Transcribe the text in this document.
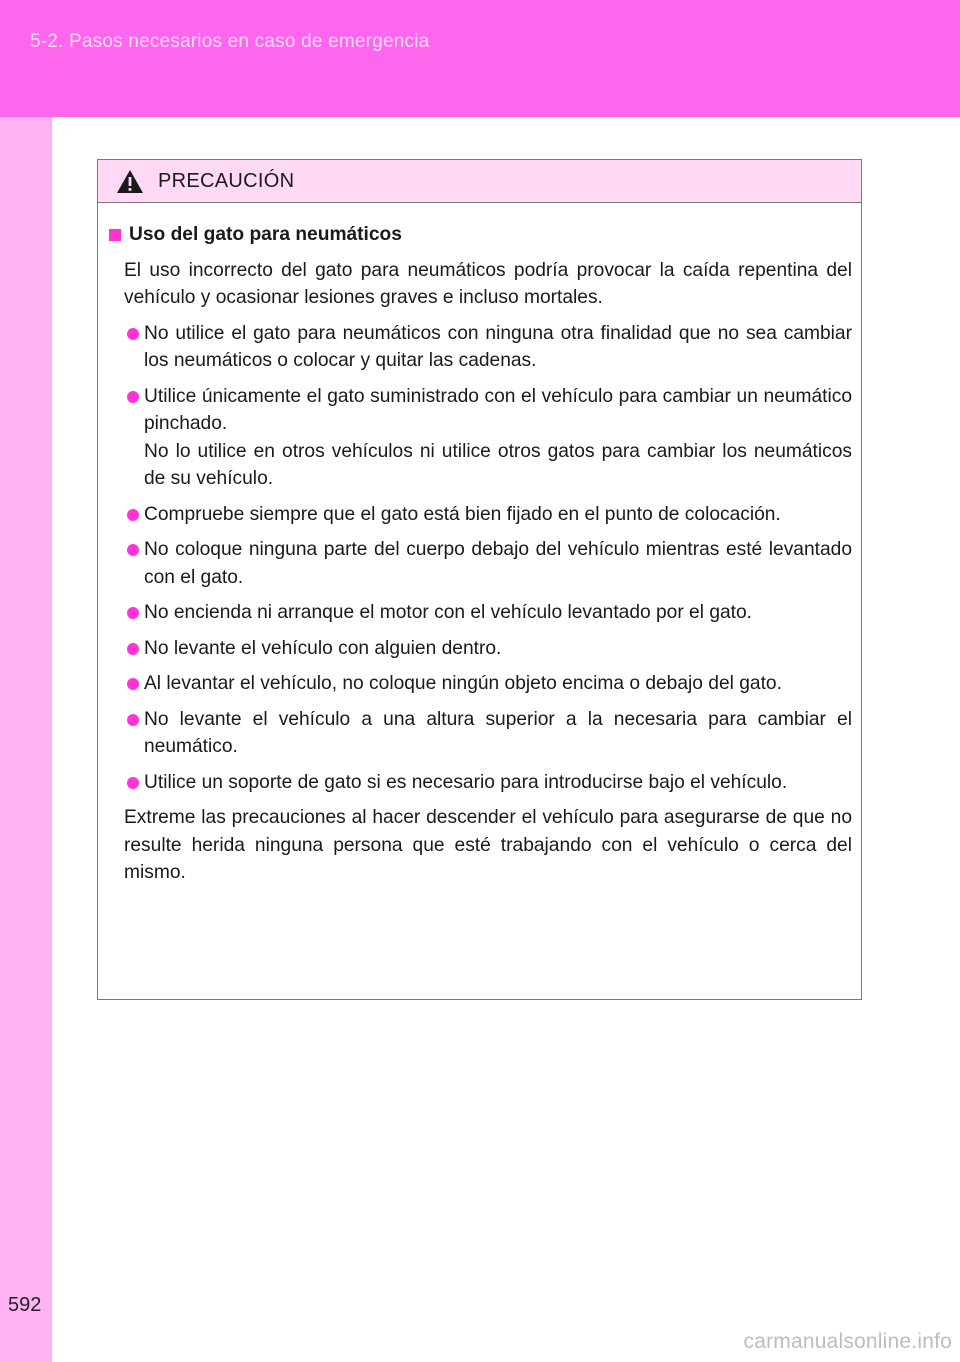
5-2. Pasos necesarios en caso de emergencia
592
PRECAUCIÓN
Uso del gato para neumáticos
El uso incorrecto del gato para neumáticos podría provocar la caída repentina del vehículo y ocasionar lesiones graves e incluso mortales.
No utilice el gato para neumáticos con ninguna otra finalidad que no sea cambiar los neumáticos o colocar y quitar las cadenas.
Utilice únicamente el gato suministrado con el vehículo para cambiar un neumático pinchado.
No lo utilice en otros vehículos ni utilice otros gatos para cambiar los neumáticos de su vehículo.
Compruebe siempre que el gato está bien fijado en el punto de colocación.
No coloque ninguna parte del cuerpo debajo del vehículo mientras esté levantado con el gato.
No encienda ni arranque el motor con el vehículo levantado por el gato.
No levante el vehículo con alguien dentro.
Al levantar el vehículo, no coloque ningún objeto encima o debajo del gato.
No levante el vehículo a una altura superior a la necesaria para cambiar el neumático.
Utilice un soporte de gato si es necesario para introducirse bajo el vehículo.
Extreme las precauciones al hacer descender el vehículo para asegurarse de que no resulte herida ninguna persona que esté trabajando con el vehículo o cerca del mismo.
carmanualsonline.info
